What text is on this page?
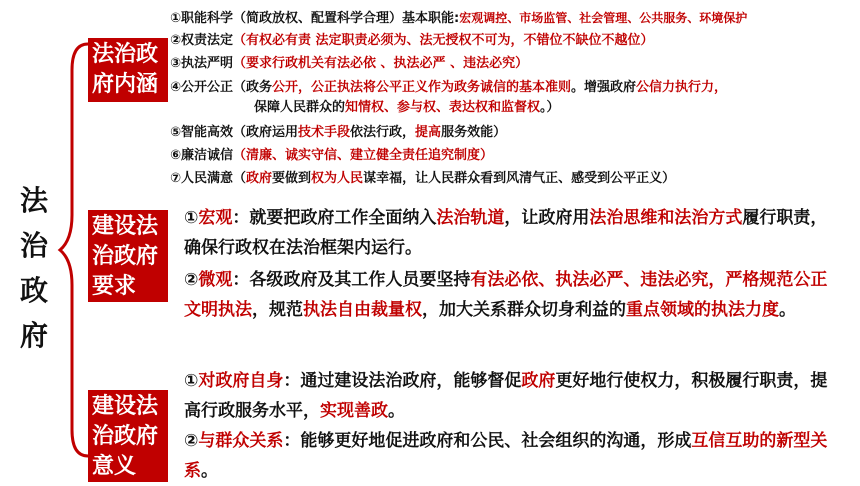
法
治
政
府
法治政府内涵
建设法治政府要求
建设法治政府意义
①职能科学（简政放权、配置科学合理）基本职能:宏观调控、市场监管、社会管理、公共服务、环境保护
②权责法定（有权必有责 法定职责必须为、法无授权不可为，不错位不缺位不越位）
③执法严明（要求行政机关有法必依 、执法必严 、违法必究）
④公开公正（政务公开，公正执法将公平正义作为政务诚信的基本准则。增强政府公信力执行力，
保障人民群众的知情权、参与权、表达权和监督权。）
⑤智能高效（政府运用技术手段依法行政，提高服务效能）
⑥廉洁诚信（清廉、诚实守信、建立健全责任追究制度）
⑦人民满意（政府要做到权为人民谋幸福，让人民群众看到风清气正、感受到公平正义）
①宏观：就要把政府工作全面纳入法治轨道，让政府用法治思维和法治方式履行职责，确保行政权在法治框架内运行。
②微观：各级政府及其工作人员要坚持有法必依、执法必严、违法必究，严格规范公正文明执法，规范执法自由裁量权，加大关系群众切身利益的重点领域的执法力度。
①对政府自身：通过建设法治政府，能够督促政府更好地行使权力，积极履行职责，提高行政服务水平，实现善政。
②与群众关系：能够更好地促进政府和公民、社会组织的沟通，形成互信互助的新型关系。
